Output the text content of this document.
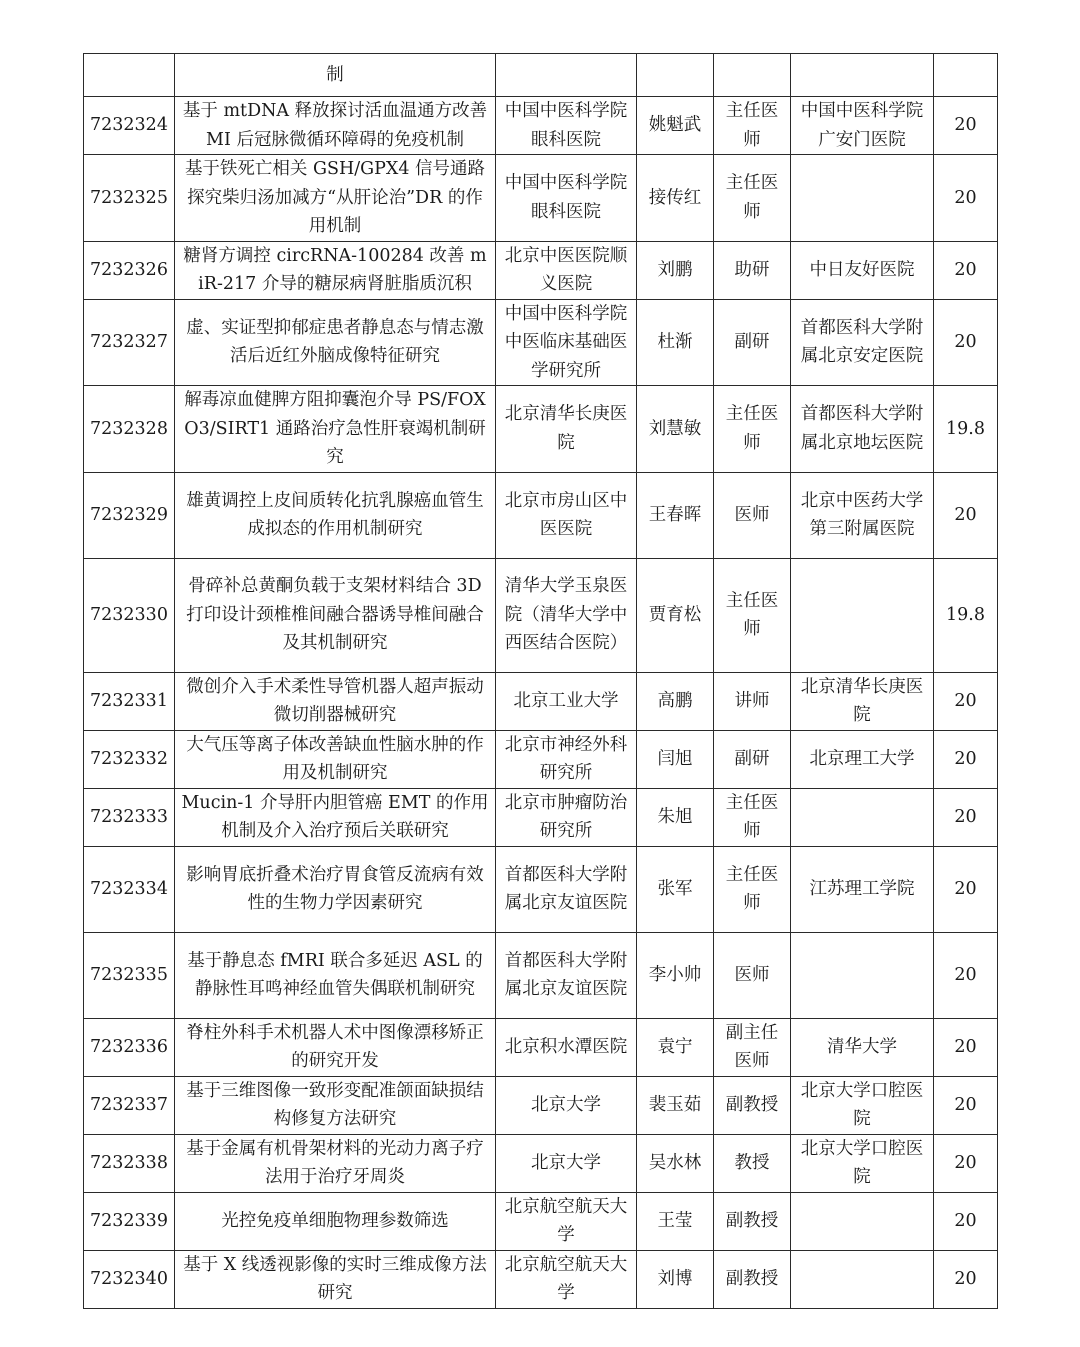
	制					
7232324	基于 mtDNA 释放探讨活血温通方改善 MI 后冠脉微循环障碍的免疫机制	中国中医科学院眼科医院	姚魁武	主任医师	中国中医科学院广安门医院	20
7232325	基于铁死亡相关 GSH/GPX4 信号通路探究柴归汤加减方“从肝论治”DR 的作用机制	中国中医科学院眼科医院	接传红	主任医师		20
7232326	糖肾方调控 circRNA-100284 改善 miR-217 介导的糖尿病肾脏脂质沉积	北京中医医院顺义医院	刘鹏	助研	中日友好医院	20
7232327	虚、实证型抑郁症患者静息态与情志激活后近红外脑成像特征研究	中国中医科学院中医临床基础医学研究所	杜渐	副研	首都医科大学附属北京安定医院	20
7232328	解毒凉血健脾方阻抑囊泡介导 PS/FOXO3/SIRT1 通路治疗急性肝衰竭机制研究	北京清华长庚医院	刘慧敏	主任医师	首都医科大学附属北京地坛医院	19.8
7232329	雄黄调控上皮间质转化抗乳腺癌血管生成拟态的作用机制研究	北京市房山区中医医院	王春晖	医师	北京中医药大学第三附属医院	20
7232330	骨碎补总黄酮负载于支架材料结合 3D 打印设计颈椎椎间融合器诱导椎间融合及其机制研究	清华大学玉泉医院（清华大学中西医结合医院）	贾育松	主任医师		19.8
7232331	微创介入手术柔性导管机器人超声振动微切削器械研究	北京工业大学	高鹏	讲师	北京清华长庚医院	20
7232332	大气压等离子体改善缺血性脑水肿的作用及机制研究	北京市神经外科研究所	闫旭	副研	北京理工大学	20
7232333	Mucin-1 介导肝内胆管癌 EMT 的作用机制及介入治疗预后关联研究	北京市肿瘤防治研究所	朱旭	主任医师		20
7232334	影响胃底折叠术治疗胃食管反流病有效性的生物力学因素研究	首都医科大学附属北京友谊医院	张军	主任医师	江苏理工学院	20
7232335	基于静息态 fMRI 联合多延迟 ASL 的静脉性耳鸣神经血管失偶联机制研究	首都医科大学附属北京友谊医院	李小帅	医师		20
7232336	脊柱外科手术机器人术中图像漂移矫正的研究开发	北京积水潭医院	袁宁	副主任医师	清华大学	20
7232337	基于三维图像一致形变配准颌面缺损结构修复方法研究	北京大学	裴玉茹	副教授	北京大学口腔医院	20
7232338	基于金属有机骨架材料的光动力离子疗法用于治疗牙周炎	北京大学	吴水林	教授	北京大学口腔医院	20
7232339	光控免疫单细胞物理参数筛选	北京航空航天大学	王莹	副教授		20
7232340	基于 X 线透视影像的实时三维成像方法研究	北京航空航天大学	刘博	副教授		20
